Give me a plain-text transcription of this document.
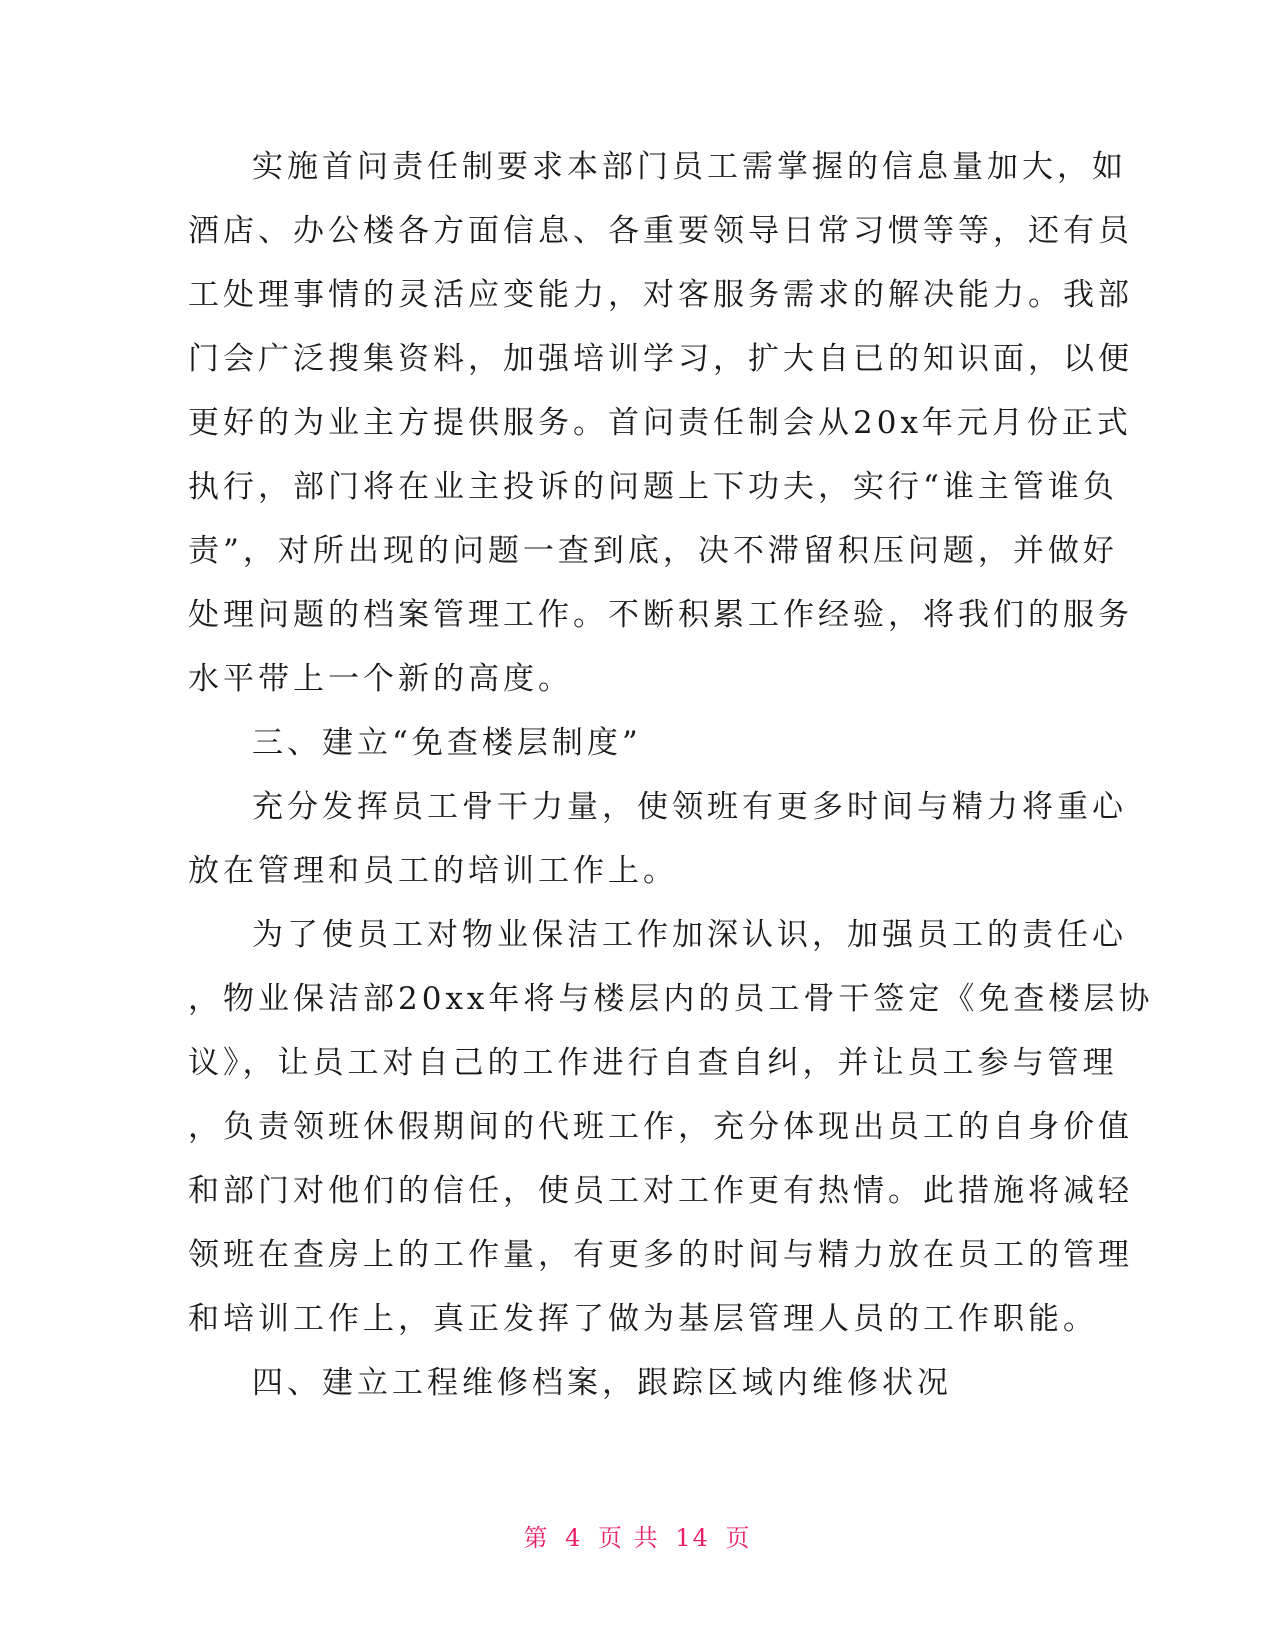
实施首问责任制要求本部门员工需掌握的信息量加大，如
酒店、办公楼各方面信息、各重要领导日常习惯等等，还有员
工处理事情的灵活应变能力，对客服务需求的解决能力。我部
门会广泛搜集资料，加强培训学习，扩大自已的知识面，以便
更好的为业主方提供服务。首问责任制会从20x年元月份正式
执行，部门将在业主投诉的问题上下功夫，实行“谁主管谁负
责”，对所出现的问题一查到底，决不滞留积压问题，并做好
处理问题的档案管理工作。不断积累工作经验，将我们的服务
水平带上一个新的高度。

三、建立“免查楼层制度”

充分发挥员工骨干力量，使领班有更多时间与精力将重心
放在管理和员工的培训工作上。

为了使员工对物业保洁工作加深认识，加强员工的责任心
，物业保洁部20xx年将与楼层内的员工骨干签定《免查楼层协
议》，让员工对自己的工作进行自查自纠，并让员工参与管理
，负责领班休假期间的代班工作，充分体现出员工的自身价值
和部门对他们的信任，使员工对工作更有热情。此措施将减轻
领班在查房上的工作量，有更多的时间与精力放在员工的管理
和培训工作上，真正发挥了做为基层管理人员的工作职能。

四、建立工程维修档案，跟踪区域内维修状况

第 4 页 共 14 页
